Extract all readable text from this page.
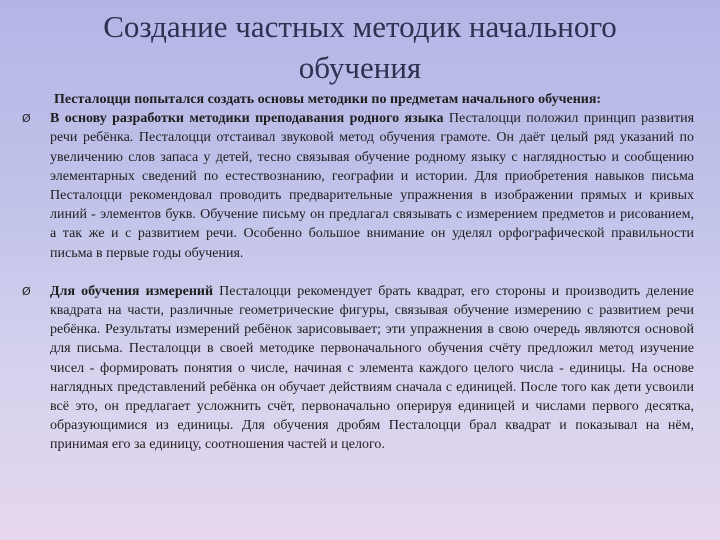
Создание частных методик начального
обучения

Песталоцци попытался создать основы методики по предметам начального обучения:

Ø	В основу разработки методики преподавания родного языка Песталоцци положил принцип развития речи ребёнка. Песталоцци отстаивал звуковой метод обучения грамоте. Он даёт целый ряд указаний по увеличению слов запаса у детей, тесно связывая обучение родному языку с наглядностью и сообщению элементарных сведений по естествознанию, географии и истории. Для приобретения навыков письма Песталоцци рекомендовал проводить предварительные упражнения в изображении прямых и кривых линий - элементов букв. Обучение письму он предлагал связывать с измерением предметов и рисованием, а так же и с развитием речи. Особенно большое внимание он уделял орфографической правильности письма в первые годы обучения.
Ø	Для обучения измерений Песталоцци рекомендует брать квадрат, его стороны и производить деление квадрата на части, различные геометрические фигуры, связывая обучение измерению с развитием речи ребёнка. Результаты измерений ребёнок зарисовывает; эти упражнения в свою очередь являются основой для письма. Песталоцци в своей методике первоначального обучения счёту предложил метод изучение чисел - формировать понятия о числе, начиная с элемента каждого целого числа - единицы. На основе наглядных представлений ребёнка он обучает действиям сначала с единицей. После того как дети усвоили всё это, он предлагает усложнить счёт, первоначально оперируя единицей и числами первого десятка, образующимися из единицы. Для обучения дробям Песталоцци брал квадрат и показывал на нём, принимая его за единицу, соотношения частей и целого.
